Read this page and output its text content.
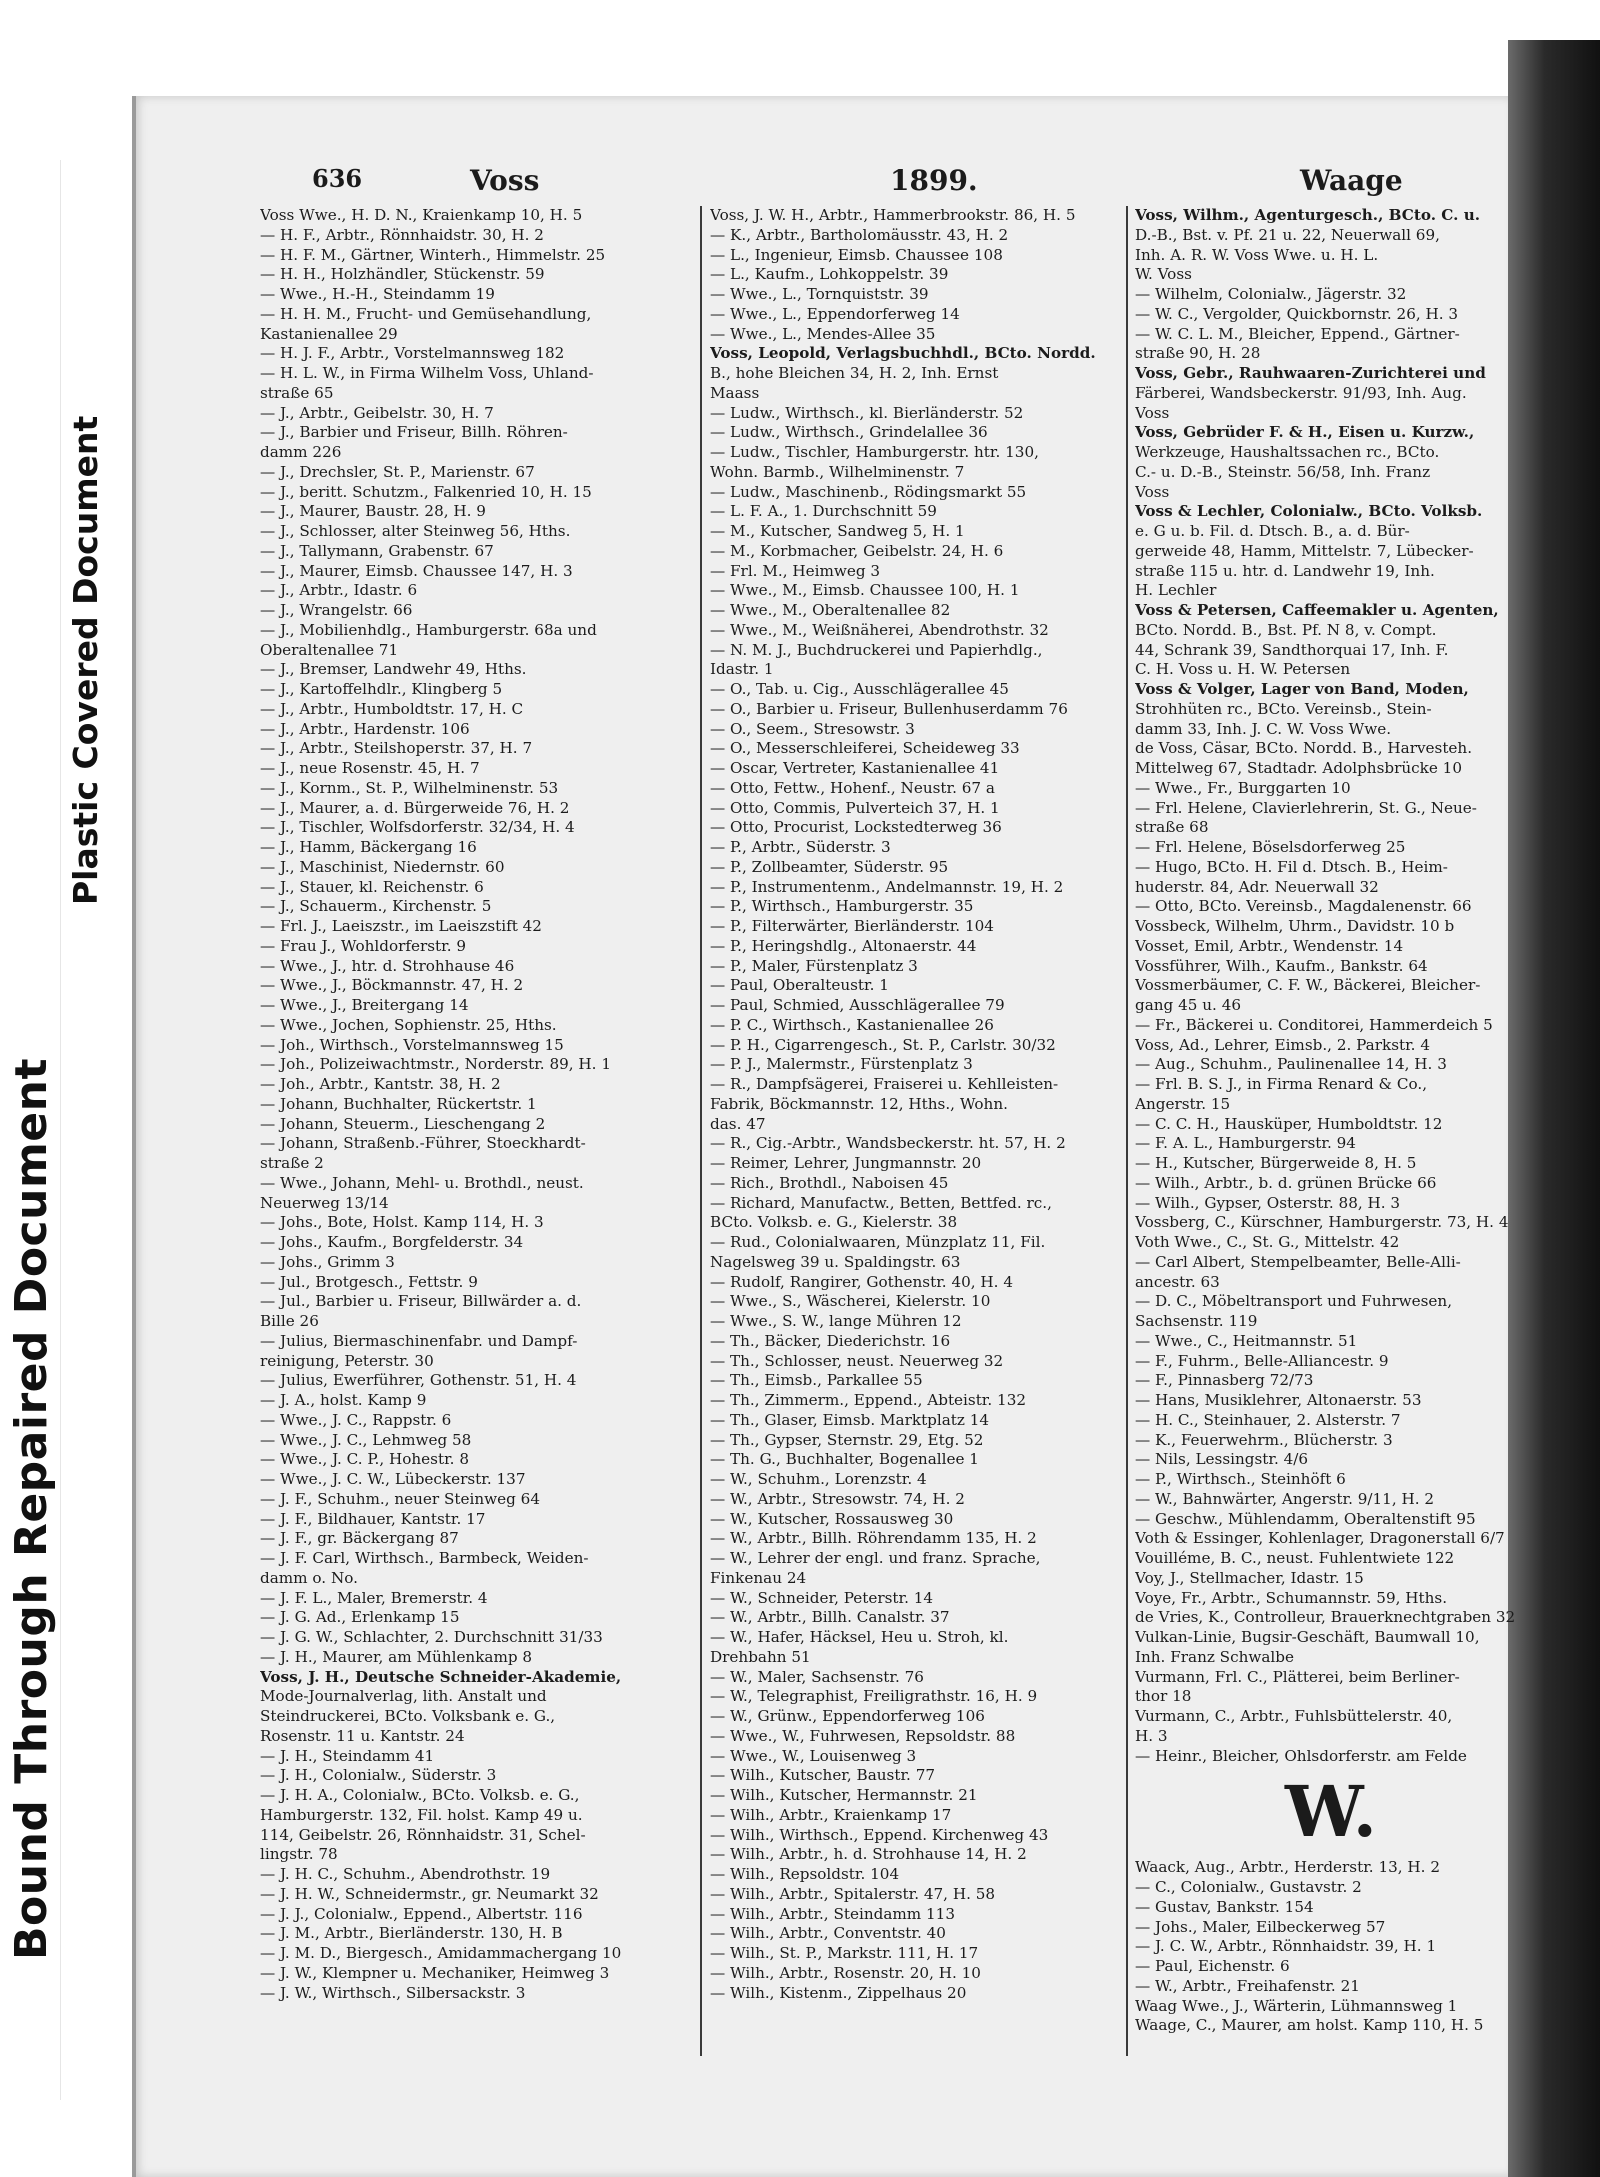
Bound Through Repaired Document
Plastic Covered Document
636	Voss	1899.	Waage
Voss Wwe., H. D. N., Kraienkamp 10, H. 5
— H. F., Arbtr., Rönnhaidstr. 30, H. 2
— H. F. M., Gärtner, Winterh., Himmelstr. 25
— H. H., Holzhändler, Stückenstr. 59
— Wwe., H.-H., Steindamm 19
— H. H. M., Frucht- und Gemüsehandlung,
Kastanienallee 29
— H. J. F., Arbtr., Vorstelmannsweg 182
— H. L. W., in Firma Wilhelm Voss, Uhland-
straße 65
— J., Arbtr., Geibelstr. 30, H. 7
— J., Barbier und Friseur, Billh. Röhren-
damm 226
— J., Drechsler, St. P., Marienstr. 67
— J., beritt. Schutzm., Falkenried 10, H. 15
— J., Maurer, Baustr. 28, H. 9
— J., Schlosser, alter Steinweg 56, Hths.
— J., Tallymann, Grabenstr. 67
— J., Maurer, Eimsb. Chaussee 147, H. 3
— J., Arbtr., Idastr. 6
— J., Wrangelstr. 66
— J., Mobilienhdlg., Hamburgerstr. 68a und
Oberaltenallee 71
— J., Bremser, Landwehr 49, Hths.
— J., Kartoffelhdlr., Klingberg 5
— J., Arbtr., Humboldtstr. 17, H. C
— J., Arbtr., Hardenstr. 106
— J., Arbtr., Steilshoperstr. 37, H. 7
— J., neue Rosenstr. 45, H. 7
— J., Kornm., St. P., Wilhelminenstr. 53
— J., Maurer, a. d. Bürgerweide 76, H. 2
— J., Tischler, Wolfsdorferstr. 32/34, H. 4
— J., Hamm, Bäckergang 16
— J., Maschinist, Niedernstr. 60
— J., Stauer, kl. Reichenstr. 6
— J., Schauerm., Kirchenstr. 5
— Frl. J., Laeiszstr., im Laeiszstift 42
— Frau J., Wohldorferstr. 9
— Wwe., J., htr. d. Strohhause 46
— Wwe., J., Böckmannstr. 47, H. 2
— Wwe., J., Breitergang 14
— Wwe., Jochen, Sophienstr. 25, Hths.
— Joh., Wirthsch., Vorstelmannsweg 15
— Joh., Polizeiwachtmstr., Norderstr. 89, H. 1
— Joh., Arbtr., Kantstr. 38, H. 2
— Johann, Buchhalter, Rückertstr. 1
— Johann, Steuerm., Lieschengang 2
— Johann, Straßenb.-Führer, Stoeckhardt-
straße 2
— Wwe., Johann, Mehl- u. Brothdl., neust.
Neuerweg 13/14
— Johs., Bote, Holst. Kamp 114, H. 3
— Johs., Kaufm., Borgfelderstr. 34
— Johs., Grimm 3
— Jul., Brotgesch., Fettstr. 9
— Jul., Barbier u. Friseur, Billwärder a. d.
Bille 26
— Julius, Biermaschinenfabr. und Dampf-
reinigung, Peterstr. 30
— Julius, Ewerführer, Gothenstr. 51, H. 4
— J. A., holst. Kamp 9
— Wwe., J. C., Rappstr. 6
— Wwe., J. C., Lehmweg 58
— Wwe., J. C. P., Hohestr. 8
— Wwe., J. C. W., Lübeckerstr. 137
— J. F., Schuhm., neuer Steinweg 64
— J. F., Bildhauer, Kantstr. 17
— J. F., gr. Bäckergang 87
— J. F. Carl, Wirthsch., Barmbeck, Weiden-
damm o. No.
— J. F. L., Maler, Bremerstr. 4
— J. G. Ad., Erlenkamp 15
— J. G. W., Schlachter, 2. Durchschnitt 31/33
— J. H., Maurer, am Mühlenkamp 8
Voss, J. H., Deutsche Schneider-Akademie,
Mode-Journalverlag, lith. Anstalt und
Steindruckerei, BCto. Volksbank e. G.,
Rosenstr. 11 u. Kantstr. 24
— J. H., Steindamm 41
— J. H., Colonialw., Süderstr. 3
— J. H. A., Colonialw., BCto. Volksb. e. G.,
Hamburgerstr. 132, Fil. holst. Kamp 49 u.
114, Geibelstr. 26, Rönnhaidstr. 31, Schel-
lingstr. 78
— J. H. C., Schuhm., Abendrothstr. 19
— J. H. W., Schneidermstr., gr. Neumarkt 32
— J. J., Colonialw., Eppend., Albertstr. 116
— J. M., Arbtr., Bierländerstr. 130, H. B
— J. M. D., Biergesch., Amidammachergang 10
— J. W., Klempner u. Mechaniker, Heimweg 3
— J. W., Wirthsch., Silbersackstr. 3
Voss, J. W. H., Arbtr., Hammerbrookstr. 86, H. 5
— K., Arbtr., Bartholomäusstr. 43, H. 2
— L., Ingenieur, Eimsb. Chaussee 108
— L., Kaufm., Lohkoppelstr. 39
— Wwe., L., Tornquiststr. 39
— Wwe., L., Eppendorferweg 14
— Wwe., L., Mendes-Allee 35
Voss, Leopold, Verlagsbuchhdl., BCto. Nordd.
B., hohe Bleichen 34, H. 2, Inh. Ernst
Maass
— Ludw., Wirthsch., kl. Bierländerstr. 52
— Ludw., Wirthsch., Grindelallee 36
— Ludw., Tischler, Hamburgerstr. htr. 130,
Wohn. Barmb., Wilhelminenstr. 7
— Ludw., Maschinenb., Rödingsmarkt 55
— L. F. A., 1. Durchschnitt 59
— M., Kutscher, Sandweg 5, H. 1
— M., Korbmacher, Geibelstr. 24, H. 6
— Frl. M., Heimweg 3
— Wwe., M., Eimsb. Chaussee 100, H. 1
— Wwe., M., Oberaltenallee 82
— Wwe., M., Weißnäherei, Abendrothstr. 32
— N. M. J., Buchdruckerei und Papierhdlg.,
Idastr. 1
— O., Tab. u. Cig., Ausschlägerallee 45
— O., Barbier u. Friseur, Bullenhuserdamm 76
— O., Seem., Stresowstr. 3
— O., Messerschleiferei, Scheideweg 33
— Oscar, Vertreter, Kastanienallee 41
— Otto, Fettw., Hohenf., Neustr. 67 a
— Otto, Commis, Pulverteich 37, H. 1
— Otto, Procurist, Lockstedterweg 36
— P., Arbtr., Süderstr. 3
— P., Zollbeamter, Süderstr. 95
— P., Instrumentenm., Andelmannstr. 19, H. 2
— P., Wirthsch., Hamburgerstr. 35
— P., Filterwärter, Bierländerstr. 104
— P., Heringshdlg., Altonaerstr. 44
— P., Maler, Fürstenplatz 3
— Paul, Oberalteustr. 1
— Paul, Schmied, Ausschlägerallee 79
— P. C., Wirthsch., Kastanienallee 26
— P. H., Cigarrengesch., St. P., Carlstr. 30/32
— P. J., Malermstr., Fürstenplatz 3
— R., Dampfsägerei, Fraiserei u. Kehlleisten-
Fabrik, Böckmannstr. 12, Hths., Wohn.
das. 47
— R., Cig.-Arbtr., Wandsbeckerstr. ht. 57, H. 2
— Reimer, Lehrer, Jungmannstr. 20
— Rich., Brothdl., Naboisen 45
— Richard, Manufactw., Betten, Bettfed. rc.,
BCto. Volksb. e. G., Kielerstr. 38
— Rud., Colonialwaaren, Münzplatz 11, Fil.
Nagelsweg 39 u. Spaldingstr. 63
— Rudolf, Rangirer, Gothenstr. 40, H. 4
— Wwe., S., Wäscherei, Kielerstr. 10
— Wwe., S. W., lange Mühren 12
— Th., Bäcker, Diederichstr. 16
— Th., Schlosser, neust. Neuerweg 32
— Th., Eimsb., Parkallee 55
— Th., Zimmerm., Eppend., Abteistr. 132
— Th., Glaser, Eimsb. Marktplatz 14
— Th., Gypser, Sternstr. 29, Etg. 52
— Th. G., Buchhalter, Bogenallee 1
— W., Schuhm., Lorenzstr. 4
— W., Arbtr., Stresowstr. 74, H. 2
— W., Kutscher, Rossausweg 30
— W., Arbtr., Billh. Röhrendamm 135, H. 2
— W., Lehrer der engl. und franz. Sprache,
Finkenau 24
— W., Schneider, Peterstr. 14
— W., Arbtr., Billh. Canalstr. 37
— W., Hafer, Häcksel, Heu u. Stroh, kl.
Drehbahn 51
— W., Maler, Sachsenstr. 76
— W., Telegraphist, Freiligrathstr. 16, H. 9
— W., Grünw., Eppendorferweg 106
— Wwe., W., Fuhrwesen, Repsoldstr. 88
— Wwe., W., Louisenweg 3
— Wilh., Kutscher, Baustr. 77
— Wilh., Kutscher, Hermannstr. 21
— Wilh., Arbtr., Kraienkamp 17
— Wilh., Wirthsch., Eppend. Kirchenweg 43
— Wilh., Arbtr., h. d. Strohhause 14, H. 2
— Wilh., Repsoldstr. 104
— Wilh., Arbtr., Spitalerstr. 47, H. 58
— Wilh., Arbtr., Steindamm 113
— Wilh., Arbtr., Conventstr. 40
— Wilh., St. P., Markstr. 111, H. 17
— Wilh., Arbtr., Rosenstr. 20, H. 10
— Wilh., Kistenm., Zippelhaus 20
Voss, Wilhm., Agenturgesch., BCto. C. u.
D.-B., Bst. v. Pf. 21 u. 22, Neuerwall 69,
Inh. A. R. W. Voss Wwe. u. H. L.
W. Voss
— Wilhelm, Colonialw., Jägerstr. 32
— W. C., Vergolder, Quickbornstr. 26, H. 3
— W. C. L. M., Bleicher, Eppend., Gärtner-
straße 90, H. 28
Voss, Gebr., Rauhwaaren-Zurichterei und
Färberei, Wandsbeckerstr. 91/93, Inh. Aug.
Voss
Voss, Gebrüder F. & H., Eisen u. Kurzw.,
Werkzeuge, Haushaltssachen rc., BCto.
C.- u. D.-B., Steinstr. 56/58, Inh. Franz
Voss
Voss & Lechler, Colonialw., BCto. Volksb.
e. G u. b. Fil. d. Dtsch. B., a. d. Bür-
gerweide 48, Hamm, Mittelstr. 7, Lübecker-
straße 115 u. htr. d. Landwehr 19, Inh.
H. Lechler
Voss & Petersen, Caffeemakler u. Agenten,
BCto. Nordd. B., Bst. Pf. N 8, v. Compt.
44, Schrank 39, Sandthorquai 17, Inh. F.
C. H. Voss u. H. W. Petersen
Voss & Volger, Lager von Band, Moden,
Strohhüten rc., BCto. Vereinsb., Stein-
damm 33, Inh. J. C. W. Voss Wwe.
de Voss, Cäsar, BCto. Nordd. B., Harvesteh.
Mittelweg 67, Stadtadr. Adolphsbrücke 10
— Wwe., Fr., Burggarten 10
— Frl. Helene, Clavierlehrerin, St. G., Neue-
straße 68
— Frl. Helene, Böselsdorferweg 25
— Hugo, BCto. H. Fil d. Dtsch. B., Heim-
huderstr. 84, Adr. Neuerwall 32
— Otto, BCto. Vereinsb., Magdalenenstr. 66
Vossbeck, Wilhelm, Uhrm., Davidstr. 10 b
Vosset, Emil, Arbtr., Wendenstr. 14
Vossführer, Wilh., Kaufm., Bankstr. 64
Vossmerbäumer, C. F. W., Bäckerei, Bleicher-
gang 45 u. 46
— Fr., Bäckerei u. Conditorei, Hammerdeich 5
Voss, Ad., Lehrer, Eimsb., 2. Parkstr. 4
— Aug., Schuhm., Paulinenallee 14, H. 3
— Frl. B. S. J., in Firma Renard & Co.,
Angerstr. 15
— C. C. H., Hausküper, Humboldtstr. 12
— F. A. L., Hamburgerstr. 94
— H., Kutscher, Bürgerweide 8, H. 5
— Wilh., Arbtr., b. d. grünen Brücke 66
— Wilh., Gypser, Osterstr. 88, H. 3
Vossberg, C., Kürschner, Hamburgerstr. 73, H. 4
Voth Wwe., C., St. G., Mittelstr. 42
— Carl Albert, Stempelbeamter, Belle-Alli-
ancestr. 63
— D. C., Möbeltransport und Fuhrwesen,
Sachsenstr. 119
— Wwe., C., Heitmannstr. 51
— F., Fuhrm., Belle-Alliancestr. 9
— F., Pinnasberg 72/73
— Hans, Musiklehrer, Altonaerstr. 53
— H. C., Steinhauer, 2. Alsterstr. 7
— K., Feuerwehrm., Blücherstr. 3
— Nils, Lessingstr. 4/6
— P., Wirthsch., Steinhöft 6
— W., Bahnwärter, Angerstr. 9/11, H. 2
— Geschw., Mühlendamm, Oberaltenstift 95
Voth & Essinger, Kohlenlager, Dragonerstall 6/7
Vouilléme, B. C., neust. Fuhlentwiete 122
Voy, J., Stellmacher, Idastr. 15
Voye, Fr., Arbtr., Schumannstr. 59, Hths.
de Vries, K., Controlleur, Brauerknechtgraben 32
Vulkan-Linie, Bugsir-Geschäft, Baumwall 10,
Inh. Franz Schwalbe
Vurmann, Frl. C., Plätterei, beim Berliner-
thor 18
Vurmann, C., Arbtr., Fuhlsbüttelerstr. 40,
H. 3
— Heinr., Bleicher, Ohlsdorferstr. am Felde
W.
Waack, Aug., Arbtr., Herderstr. 13, H. 2
— C., Colonialw., Gustavstr. 2
— Gustav, Bankstr. 154
— Johs., Maler, Eilbeckerweg 57
— J. C. W., Arbtr., Rönnhaidstr. 39, H. 1
— Paul, Eichenstr. 6
— W., Arbtr., Freihafenstr. 21
Waag Wwe., J., Wärterin, Lühmannsweg 1
Waage, C., Maurer, am holst. Kamp 110, H. 5
